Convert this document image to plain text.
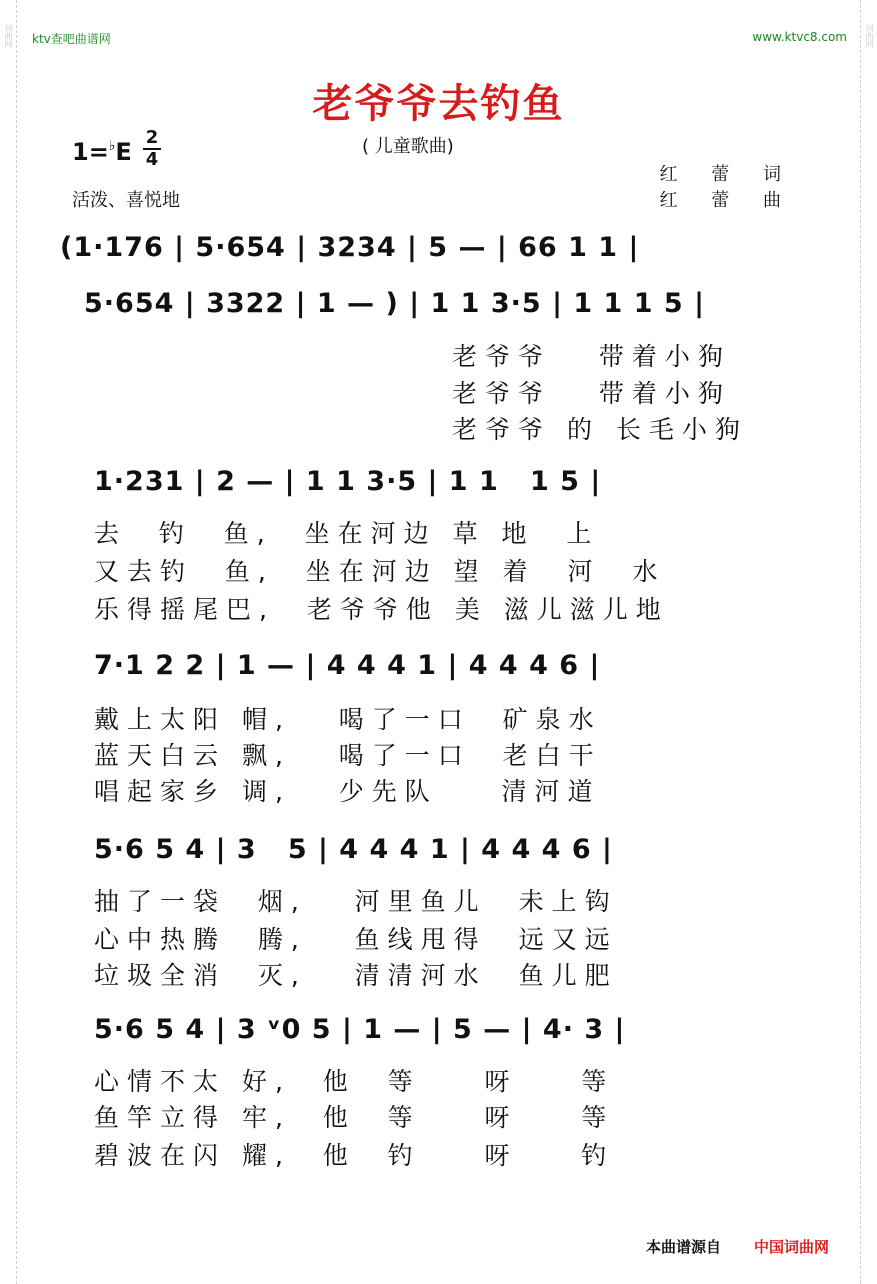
词曲网	词曲网
ktv查吧曲谱网	www.ktvc8.com
老爷爷去钓鱼
( 儿童歌曲)
1=♭E
2
4
活泼、喜悦地
红 蕾 词
红 蕾 曲
(1·176 | 5·654 | 3234 | 5 — | 66 1 1 |
5·654 | 3322 | 1 — ) | 1 1 3·5 | 1 1 1 5 |
老爷爷   带着小狗
老爷爷   带着小狗
老爷爷 的 长毛小狗
1·231 | 2 — | 1 1 3·5 | 1 1   1 5 |
去  钓  鱼,  坐在河边 草 地  上
又去钓  鱼,  坐在河边 望 着  河  水
乐得摇尾巴,  老爷爷他 美 滋儿滋儿地
7·1 2 2 | 1 — | 4 4 4 1 | 4 4 4 6 |
戴上太阳 帽,   喝了一口  矿泉水
蓝天白云 飘,   喝了一口  老白干
唱起家乡 调,   少先队    清河道
5·6 5 4 | 3   5 | 4 4 4 1 | 4 4 4 6 |
抽了一袋  烟,   河里鱼儿  未上钩
心中热腾  腾,   鱼线甩得  远又远
垃圾全消  灭,   清清河水  鱼儿肥
5·6 5 4 | 3 ᵛ0 5 | 1 — | 5 — | 4· 3 |
心情不太 好,  他  等    呀    等
鱼竿立得 牢,  他  等    呀    等
碧波在闪 耀,  他  钓    呀    钓
本曲谱源自 中国词曲网
